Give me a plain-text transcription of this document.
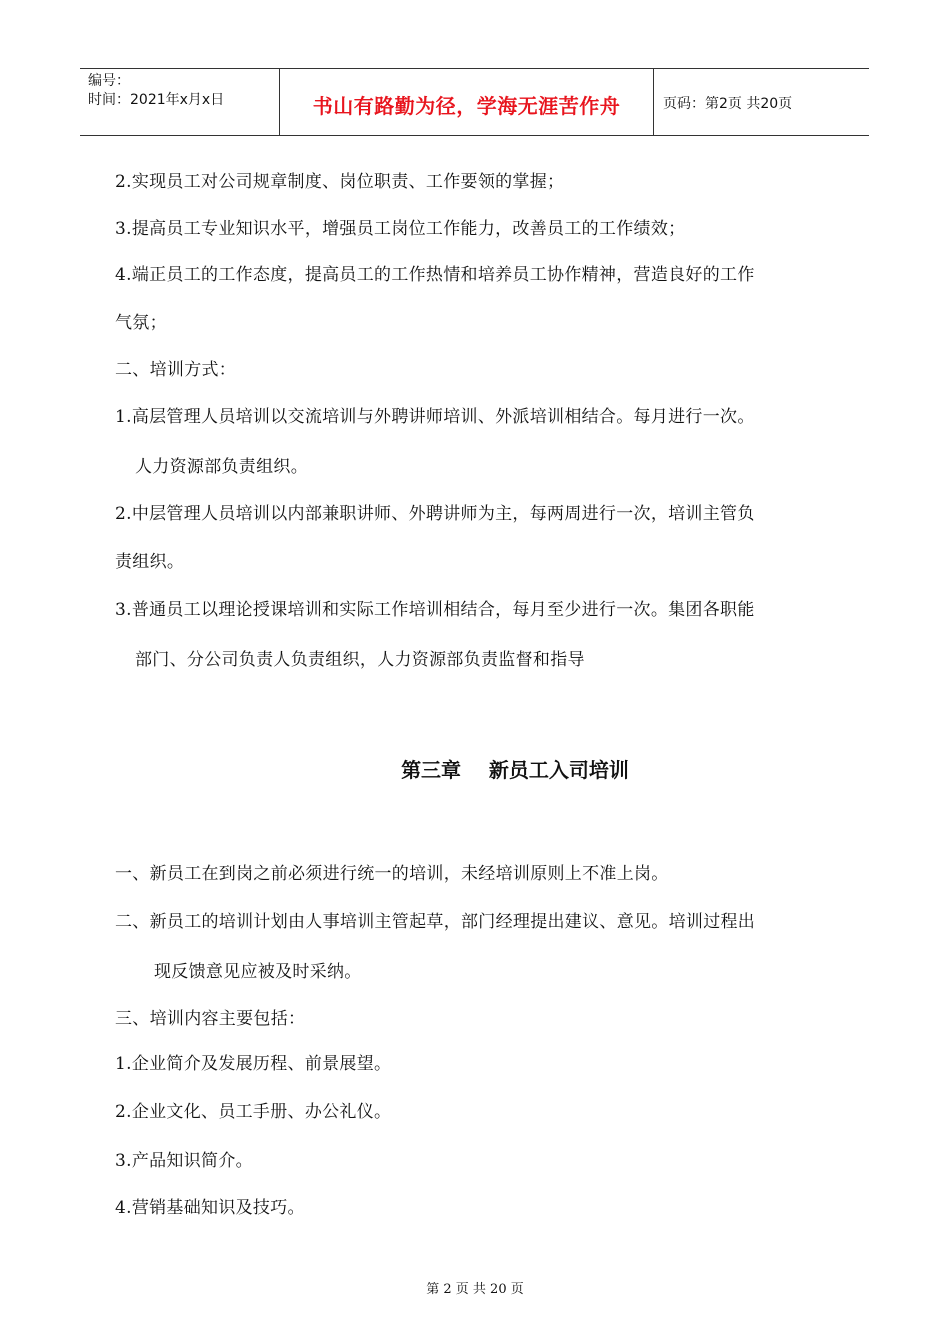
编号：
时间：2021年x月x日	书山有路勤为径，学海无涯苦作舟	页码：第2页 共20页
2.实现员工对公司规章制度、岗位职责、工作要领的掌握；
3.提高员工专业知识水平，增强员工岗位工作能力，改善员工的工作绩效；
4.端正员工的工作态度，提高员工的工作热情和培养员工协作精神，营造良好的工作
气氛；
二、培训方式：
1.高层管理人员培训以交流培训与外聘讲师培训、外派培训相结合。每月进行一次。
人力资源部负责组织。
2.中层管理人员培训以内部兼职讲师、外聘讲师为主，每两周进行一次，培训主管负
责组织。
3.普通员工以理论授课培训和实际工作培训相结合，每月至少进行一次。集团各职能
部门、分公司负责人负责组织，人力资源部负责监督和指导
第三章    新员工入司培训
一、新员工在到岗之前必须进行统一的培训，未经培训原则上不准上岗。
二、新员工的培训计划由人事培训主管起草，部门经理提出建议、意见。培训过程出
现反馈意见应被及时采纳。
三、培训内容主要包括：
1.企业简介及发展历程、前景展望。
2.企业文化、员工手册、办公礼仪。
3.产品知识简介。
4.营销基础知识及技巧。
第 2 页 共 20 页
